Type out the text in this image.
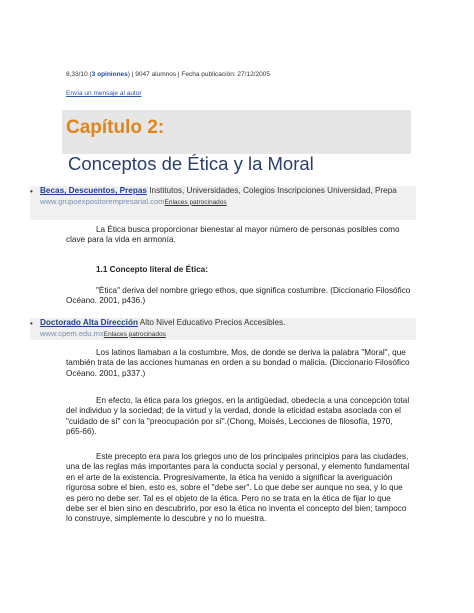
8,33/10 (3 opiniones) | 9047 alumnos | Fecha publicación: 27/12/2005
Envía un mensaje al autor
Capítulo 2:
Conceptos de Ética y la Moral
• Becas, Descuentos, Prepas Institutos, Universidades, Colegios Inscripciones Universidad, Prepa
www.grupoexpositorempresarial.comEnlaces patrocinados
La Ética busca proporcionar bienestar al mayor número de personas posibles como clave para la vida en armonía.
1.1 Concepto literal de Ética:
"Ética" deriva del nombre griego ethos, que significa costumbre. (Diccionario Filosófico Océano. 2001, p436.)
• Doctorado Alta Dirección Alto Nivel Educativo Precios Accesibles.
www.cpem.edu.mxEnlaces patrocinados
Los latinos llamaban a la costumbre, Mos, de donde se deriva la palabra "Moral", que también trata de las acciones humanas en orden a su bondad o malicia. (Diccionario Filosófico Océano. 2001, p337.)
En efecto, la ética para los griegos, en la antigüedad, obedecía a una concepción total del individuo y la sociedad; de la virtud y la verdad, donde la eticidad estaba asociada con el "cuidado de sí" con la "preocupación por sí".(Chong, Moisés, Lecciones de filosofía, 1970, p65-66).
Este precepto era para los griegos uno de los principales principios para las ciudades, una de las reglas más importantes para la conducta social y personal, y elemento fundamental en el arte de la existencia. Progresivamente, la ética ha venido a significar la averiguación rigurosa sobre el bien, esto es, sobre el "debe ser". Lo que debe ser aunque no sea, y lo que es pero no debe ser. Tal es el objeto de la ética. Pero no se trata en la ética de fijar lo que debe ser el bien sino en descubrirlo, por eso la ética no inventa el concepto del bien; tampoco lo construye, simplemente lo descubre y no lo muestra.
